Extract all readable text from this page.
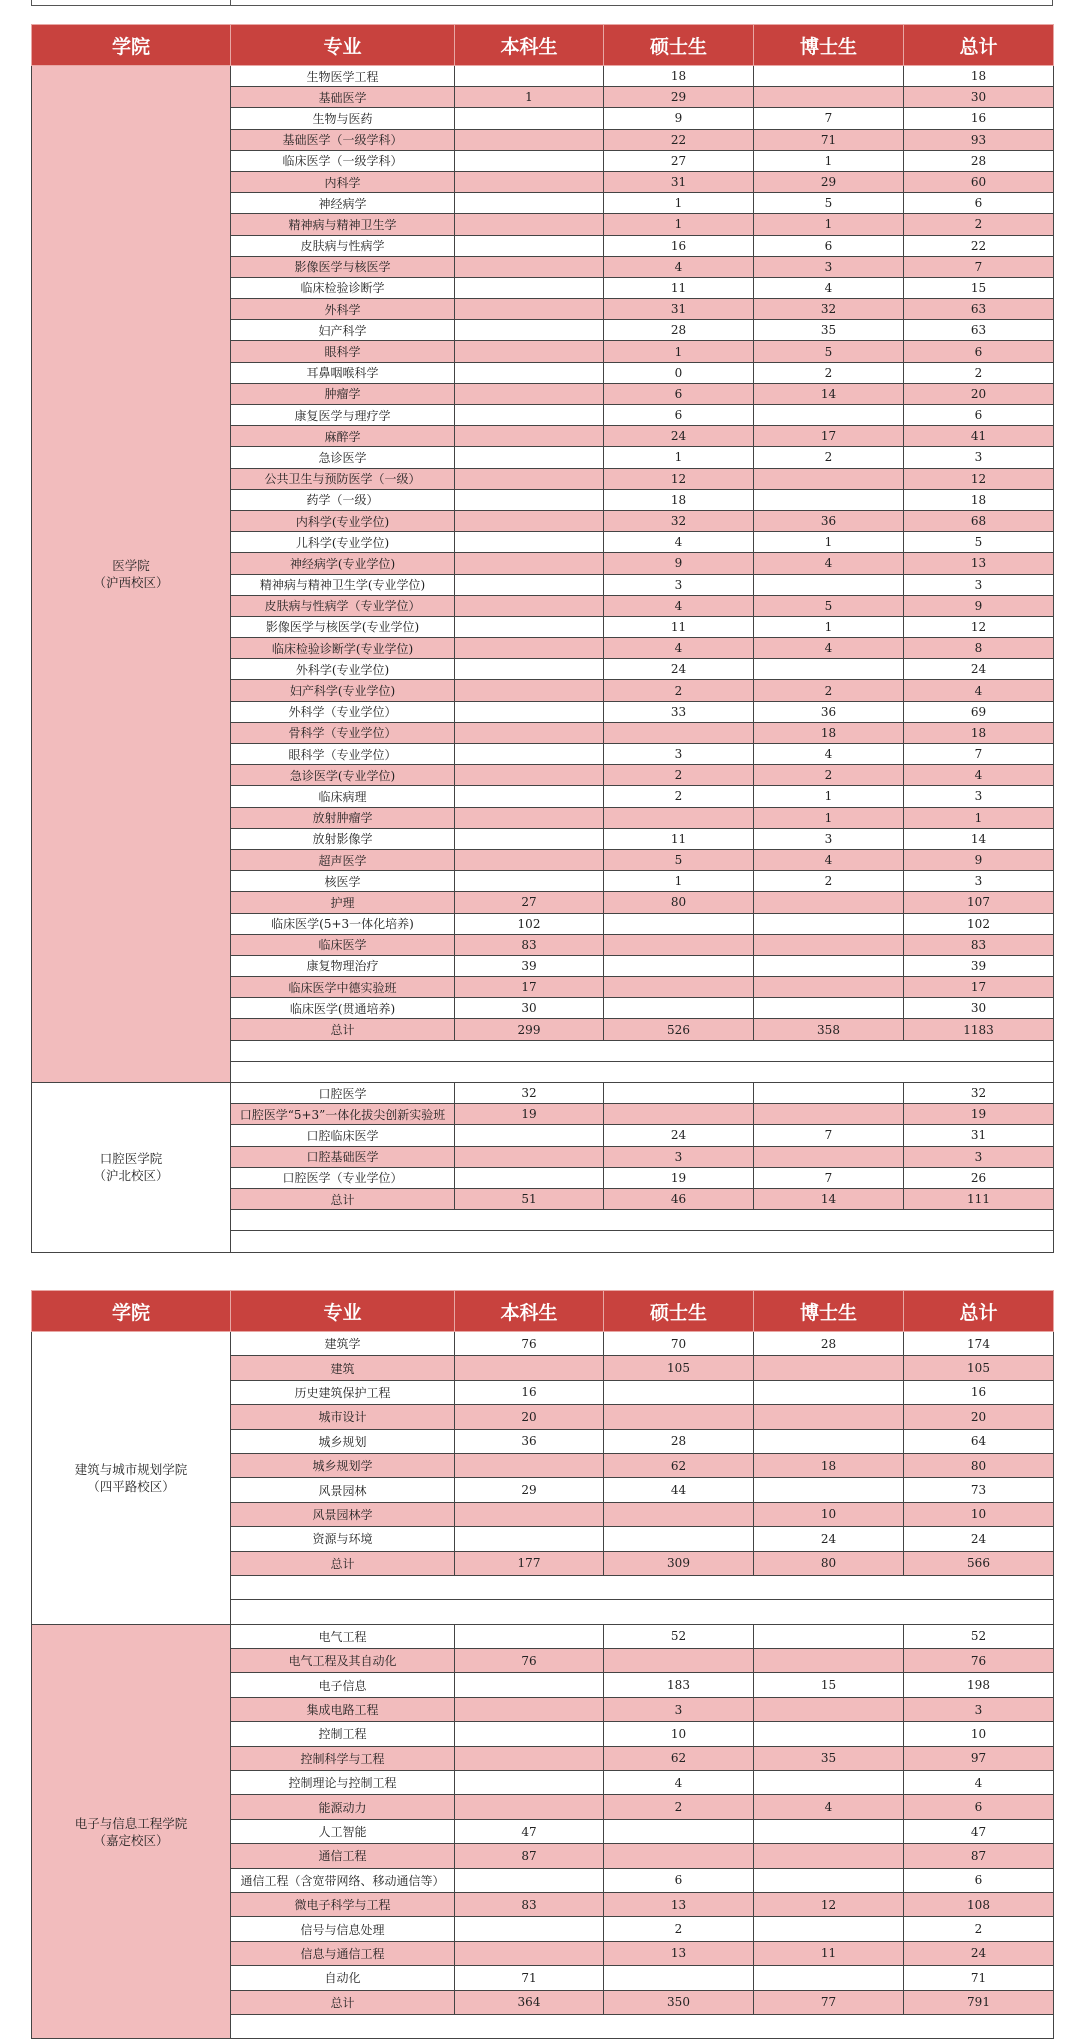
学院	专业	本科生	硕士生	博士生	总计

医学院
（沪西校区）	生物医学工程		18		18
	基础医学	1	29		30
	生物与医药		9	7	16
	基础医学（一级学科）		22	71	93
	临床医学（一级学科）		27	1	28
	内科学		31	29	60
	神经病学		1	5	6
	精神病与精神卫生学		1	1	2
	皮肤病与性病学		16	6	22
	影像医学与核医学		4	3	7
	临床检验诊断学		11	4	15
	外科学		31	32	63
	妇产科学		28	35	63
	眼科学		1	5	6
	耳鼻咽喉科学		0	2	2
	肿瘤学		6	14	20
	康复医学与理疗学		6		6
	麻醉学		24	17	41
	急诊医学		1	2	3
	公共卫生与预防医学（一级）		12		12
	药学（一级）		18		18
	内科学(专业学位)		32	36	68
	儿科学(专业学位)		4	1	5
	神经病学(专业学位)		9	4	13
	精神病与精神卫生学(专业学位)		3		3
	皮肤病与性病学（专业学位）		4	5	9
	影像医学与核医学(专业学位)		11	1	12
	临床检验诊断学(专业学位)		4	4	8
	外科学(专业学位)		24		24
	妇产科学(专业学位)		2	2	4
	外科学（专业学位）		33	36	69
	骨科学（专业学位）			18	18
	眼科学（专业学位）		3	4	7
	急诊医学(专业学位)		2	2	4
	临床病理		2	1	3
	放射肿瘤学			1	1
	放射影像学		11	3	14
	超声医学		5	4	9
	核医学		1	2	3
	护理	27	80		107
	临床医学(5+3一体化培养)	102			102
	临床医学	83			83
	康复物理治疗	39			39
	临床医学中德实验班	17			17
	临床医学(贯通培养)	30			30
	总计	299	526	358	1183

口腔医学院
（沪北校区）	口腔医学	32			32
	口腔医学“5+3”一体化拔尖创新实验班	19			19
	口腔临床医学		24	7	31
	口腔基础医学		3		3
	口腔医学（专业学位）		19	7	26
	总计	51	46	14	111

学院	专业	本科生	硕士生	博士生	总计

建筑与城市规划学院
（四平路校区）	建筑学	76	70	28	174
	建筑		105		105
	历史建筑保护工程	16			16
	城市设计	20			20
	城乡规划	36	28		64
	城乡规划学		62	18	80
	风景园林	29	44		73
	风景园林学			10	10
	资源与环境			24	24
	总计	177	309	80	566

电子与信息工程学院
（嘉定校区）	电气工程		52		52
	电气工程及其自动化	76			76
	电子信息		183	15	198
	集成电路工程		3		3
	控制工程		10		10
	控制科学与工程		62	35	97
	控制理论与控制工程		4		4
	能源动力		2	4	6
	人工智能	47			47
	通信工程	87			87
	通信工程（含宽带网络、移动通信等）		6		6
	微电子科学与工程	83	13	12	108
	信号与信息处理		2		2
	信息与通信工程		13	11	24
	自动化	71			71
	总计	364	350	77	791
